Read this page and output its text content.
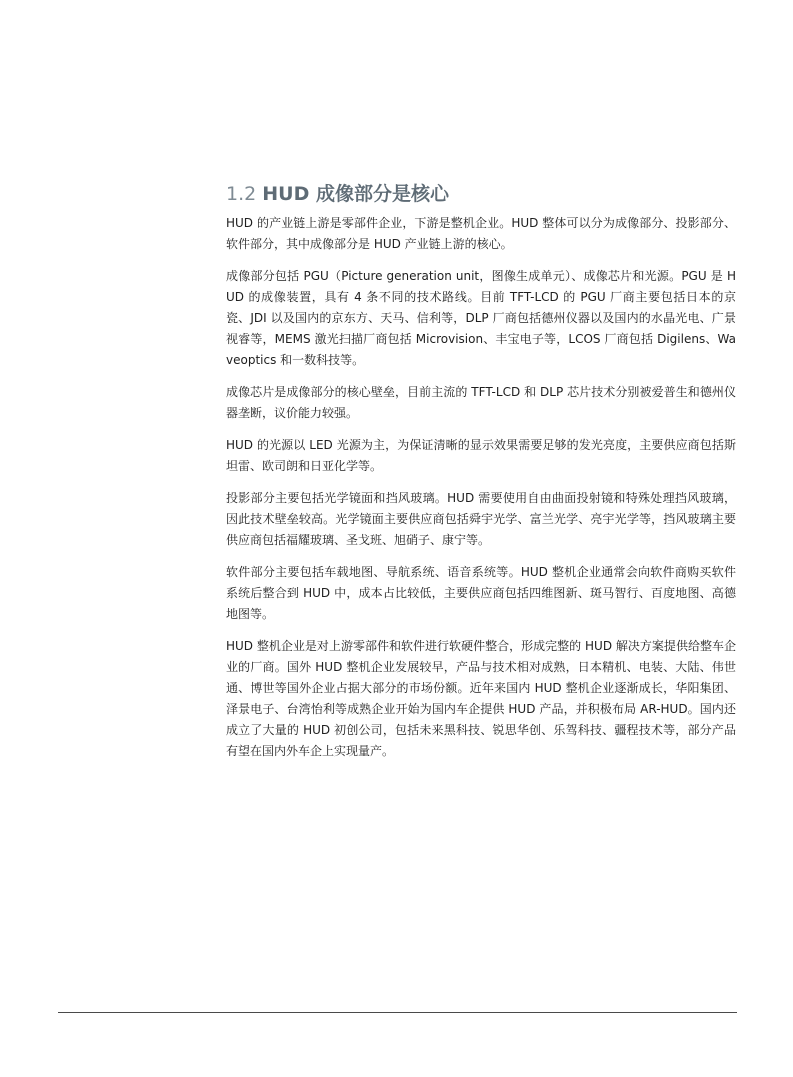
1.2 HUD 成像部分是核心

HUD 的产业链上游是零部件企业，下游是整机企业。HUD 整体可以分为成像部分、投影部分、软件部分，其中成像部分是 HUD 产业链上游的核心。

成像部分包括 PGU（Picture generation unit，图像生成单元）、成像芯片和光源。PGU 是 HUD 的成像装置，具有 4 条不同的技术路线。目前 TFT-LCD 的 PGU 厂商主要包括日本的京瓷、JDI 以及国内的京东方、天马、信利等，DLP 厂商包括德州仪器以及国内的水晶光电、广景视睿等，MEMS 激光扫描厂商包括 Microvision、丰宝电子等，LCOS 厂商包括 Digilens、Waveoptics 和一数科技等。

成像芯片是成像部分的核心壁垒，目前主流的 TFT-LCD 和 DLP 芯片技术分别被爱普生和德州仪器垄断，议价能力较强。

HUD 的光源以 LED 光源为主，为保证清晰的显示效果需要足够的发光亮度，主要供应商包括斯坦雷、欧司朗和日亚化学等。

投影部分主要包括光学镜面和挡风玻璃。HUD 需要使用自由曲面投射镜和特殊处理挡风玻璃，因此技术壁垒较高。光学镜面主要供应商包括舜宇光学、富兰光学、亮宇光学等，挡风玻璃主要供应商包括福耀玻璃、圣戈班、旭硝子、康宁等。

软件部分主要包括车载地图、导航系统、语音系统等。HUD 整机企业通常会向软件商购买软件系统后整合到 HUD 中，成本占比较低，主要供应商包括四维图新、斑马智行、百度地图、高德地图等。

HUD 整机企业是对上游零部件和软件进行软硬件整合，形成完整的 HUD 解决方案提供给整车企业的厂商。国外 HUD 整机企业发展较早，产品与技术相对成熟，日本精机、电装、大陆、伟世通、博世等国外企业占据大部分的市场份额。近年来国内 HUD 整机企业逐渐成长，华阳集团、泽景电子、台湾怡利等成熟企业开始为国内车企提供 HUD 产品，并积极布局 AR-HUD。国内还成立了大量的 HUD 初创公司，包括未来黑科技、锐思华创、乐驾科技、疆程技术等，部分产品有望在国内外车企上实现量产。
